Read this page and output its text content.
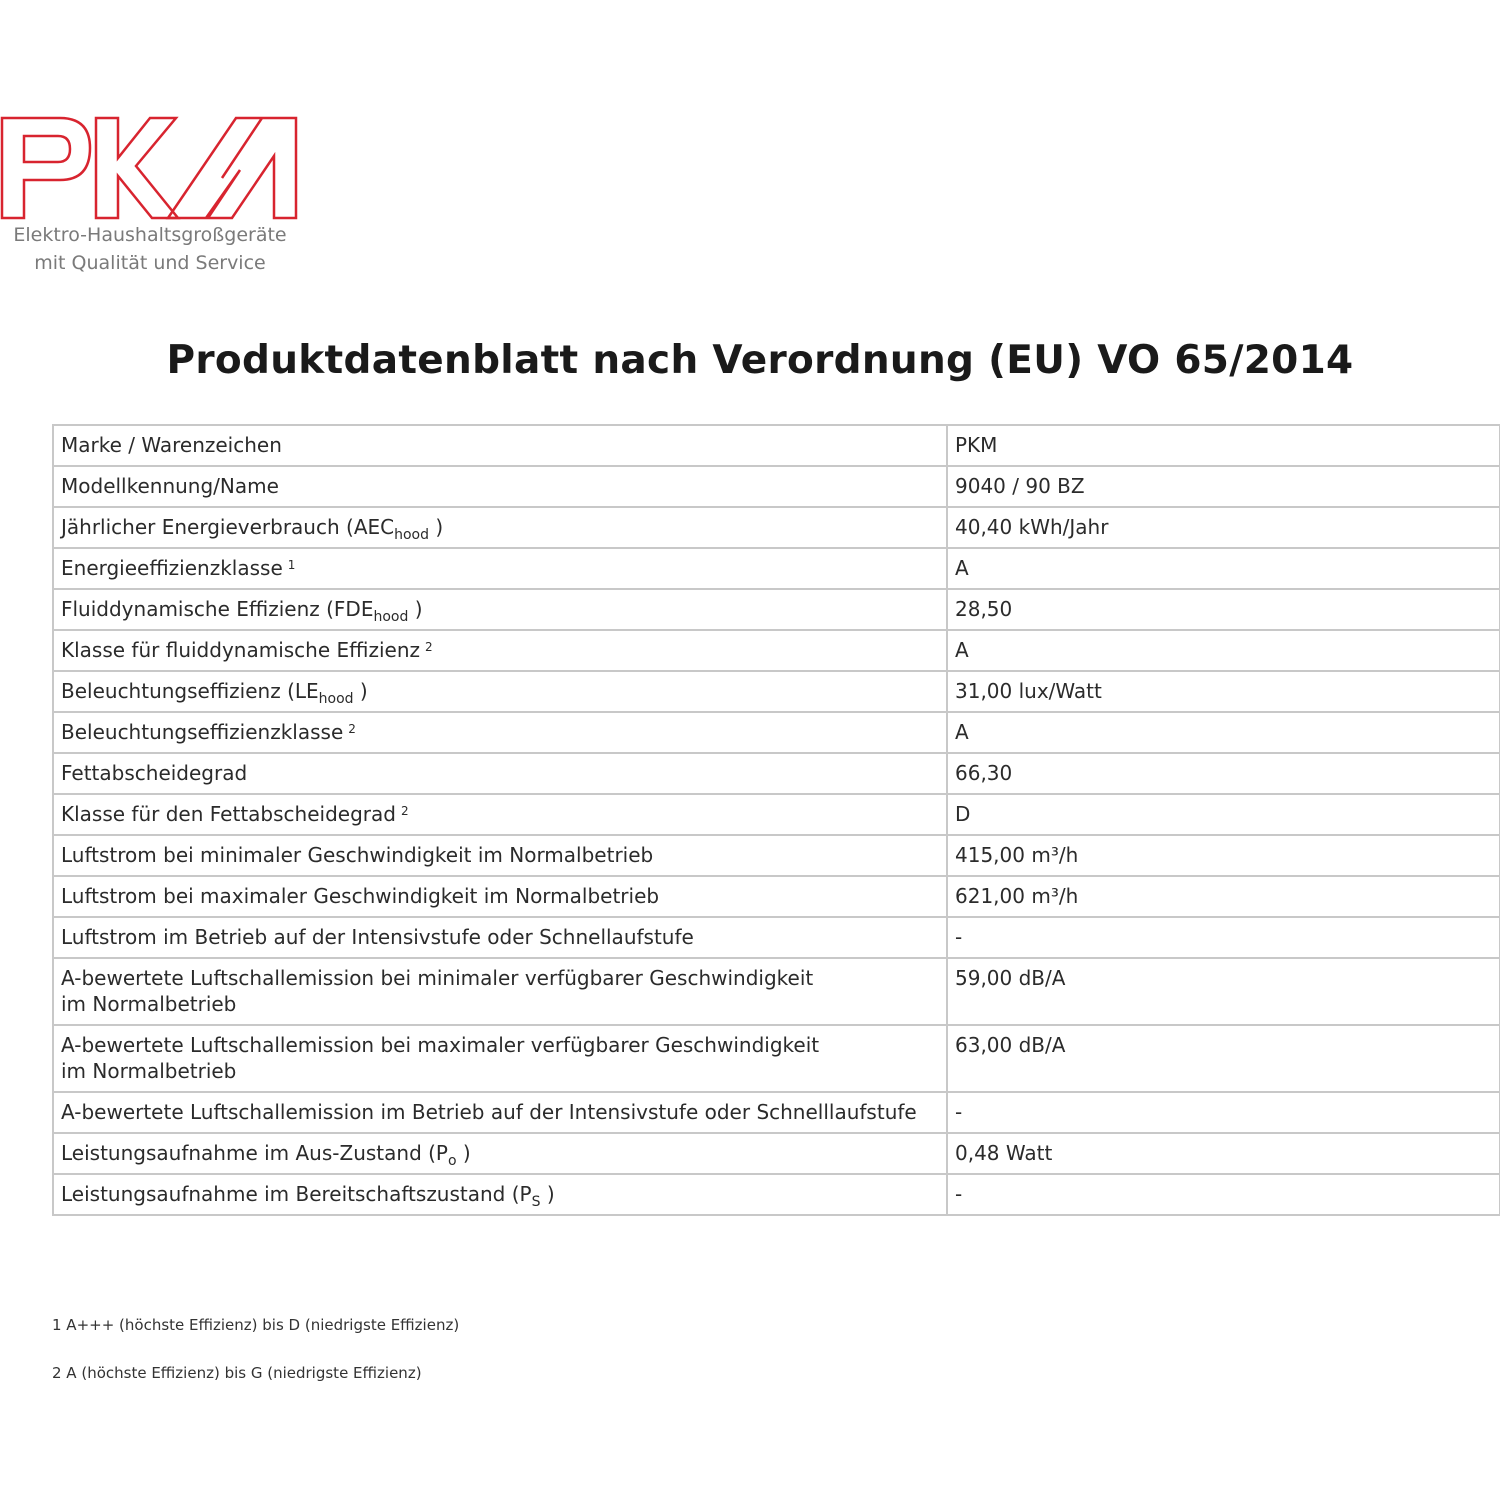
Elektro-Haushaltsgroßgeräte
mit Qualität und Service
Produktdatenblatt nach Verordnung (EU) VO 65/2014
Marke / Warenzeichen	PKM
Modellkennung/Name	9040 / 90 BZ
Jährlicher Energieverbrauch ($AEC_{hood}$ )	40,40 kWh/Jahr
Energieeffizienzklasse $^1$	A
Fluiddynamische Effizienz ($FDE_{hood}$ )	28,50
Klasse für fluiddynamische Effizienz $^2$	A
Beleuchtungseffizienz ($LE_{hood}$ )	31,00 lux/Watt
Beleuchtungseffizienzklasse $^2$	A
Fettabscheidegrad	66,30
Klasse für den Fettabscheidegrad $^2$	D
Luftstrom bei minimaler Geschwindigkeit im Normalbetrieb	415,00 m³/h
Luftstrom bei maximaler Geschwindigkeit im Normalbetrieb	621,00 m³/h
Luftstrom im Betrieb auf der Intensivstufe oder Schnellaufstufe	-
A-bewertete Luftschallemission bei minimaler verfügbarer Geschwindigkeit
im Normalbetrieb	59,00 dB/A
A-bewertete Luftschallemission bei maximaler verfügbarer Geschwindigkeit
im Normalbetrieb	63,00 dB/A
A-bewertete Luftschallemission im Betrieb auf der Intensivstufe oder Schnelllaufstufe	-
Leistungsaufnahme im Aus-Zustand ($P_o$ )	0,48 Watt
Leistungsaufnahme im Bereitschaftszustand ($P_S$ )	-
1 A+++ (höchste Effizienz) bis D (niedrigste Effizienz)
2 A (höchste Effizienz) bis G (niedrigste Effizienz)
